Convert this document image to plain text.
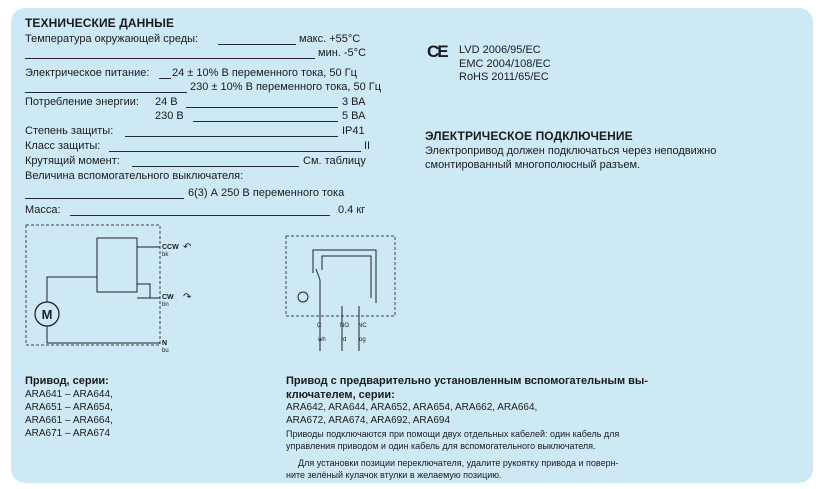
ТЕХНИЧЕСКИЕ ДАННЫЕ
Температура окружающей среды:	макс. +55°C
мин. -5°C
Электрическое питание: 24 ± 10% В переменного тока, 50 Гц
230 ± 10% В переменного тока, 50 Гц
Потребление энергии: 24 В	3 ВА
230 В	5 ВА
Степень защиты:	IP41
Класс защиты:	II
Крутящий момент:	См. таблицу
Величина вспомогательного выключателя:
6(3) А 250 В переменного тока
Масса:	0.4 кг
CE LVD 2006/95/EC
EMC 2004/108/EC
RoHS 2011/65/EC
ЭЛЕКТРИЧЕСКОЕ ПОДКЛЮЧЕНИЕ
Электропривод должен подключаться через неподвижно
смонтированный многополюсный разъем.
M
CCW
bk
↶
CW
bn
↷
N
bu
C
wh
NO
rd
NC
og
Привод, серии:
ARA641 – ARA644,
ARA651 – ARA654,
ARA661 – ARA664,
ARA671 – ARA674
Привод с предварительно установленным вспомогательным вы-
ключателем, серии:
ARA642, ARA644, ARA652, ARA654, ARA662, ARA664,
ARA672, ARA674, ARA692, ARA694
Приводы подключаются при помощи двух отдельных кабелей: один кабель для
управления приводом и один кабель для вспомогательного выключателя.
Для установки позиции переключателя, удалите рукоятку привода и поверн-
ните зелёный кулачок втулки в желаемую позицию.
